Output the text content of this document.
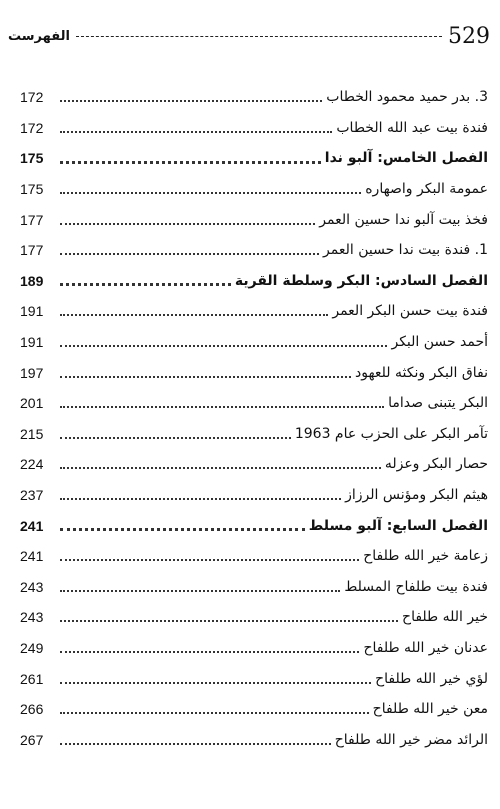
الفهرست	529
172	3. بدر حميد محمود الخطاب
172	فندة بيت عبد الله الخطاب
175	الفصل الخامس: آلبو ندا
175	عمومة البكر واصهاره
177	فخذ بيت آلبو ندا حسين العمر
177	1. فندة بيت ندا حسين العمر
189	الفصل السادس: البكر وسلطة القرية
191	فندة بيت حسن البكر العمر
191	أحمد حسن البكر
197	نفاق البكر ونكثه للعهود
201	البكر يتبنى صداما
215	تآمر البكر على الحزب عام 1963
224	حصار البكر وعزله
237	هيثم البكر ومؤنس الرزاز
241	الفصل السابع: آلبو مسلط
241	زعامة خير الله طلفاح
243	فندة بيت طلفاح المسلط
243	خير الله طلفاح
249	عدنان خير الله طلفاح
261	لؤي خير الله طلفاح
266	معن خير الله طلفاح
267	الرائد مضر خير الله طلفاح
